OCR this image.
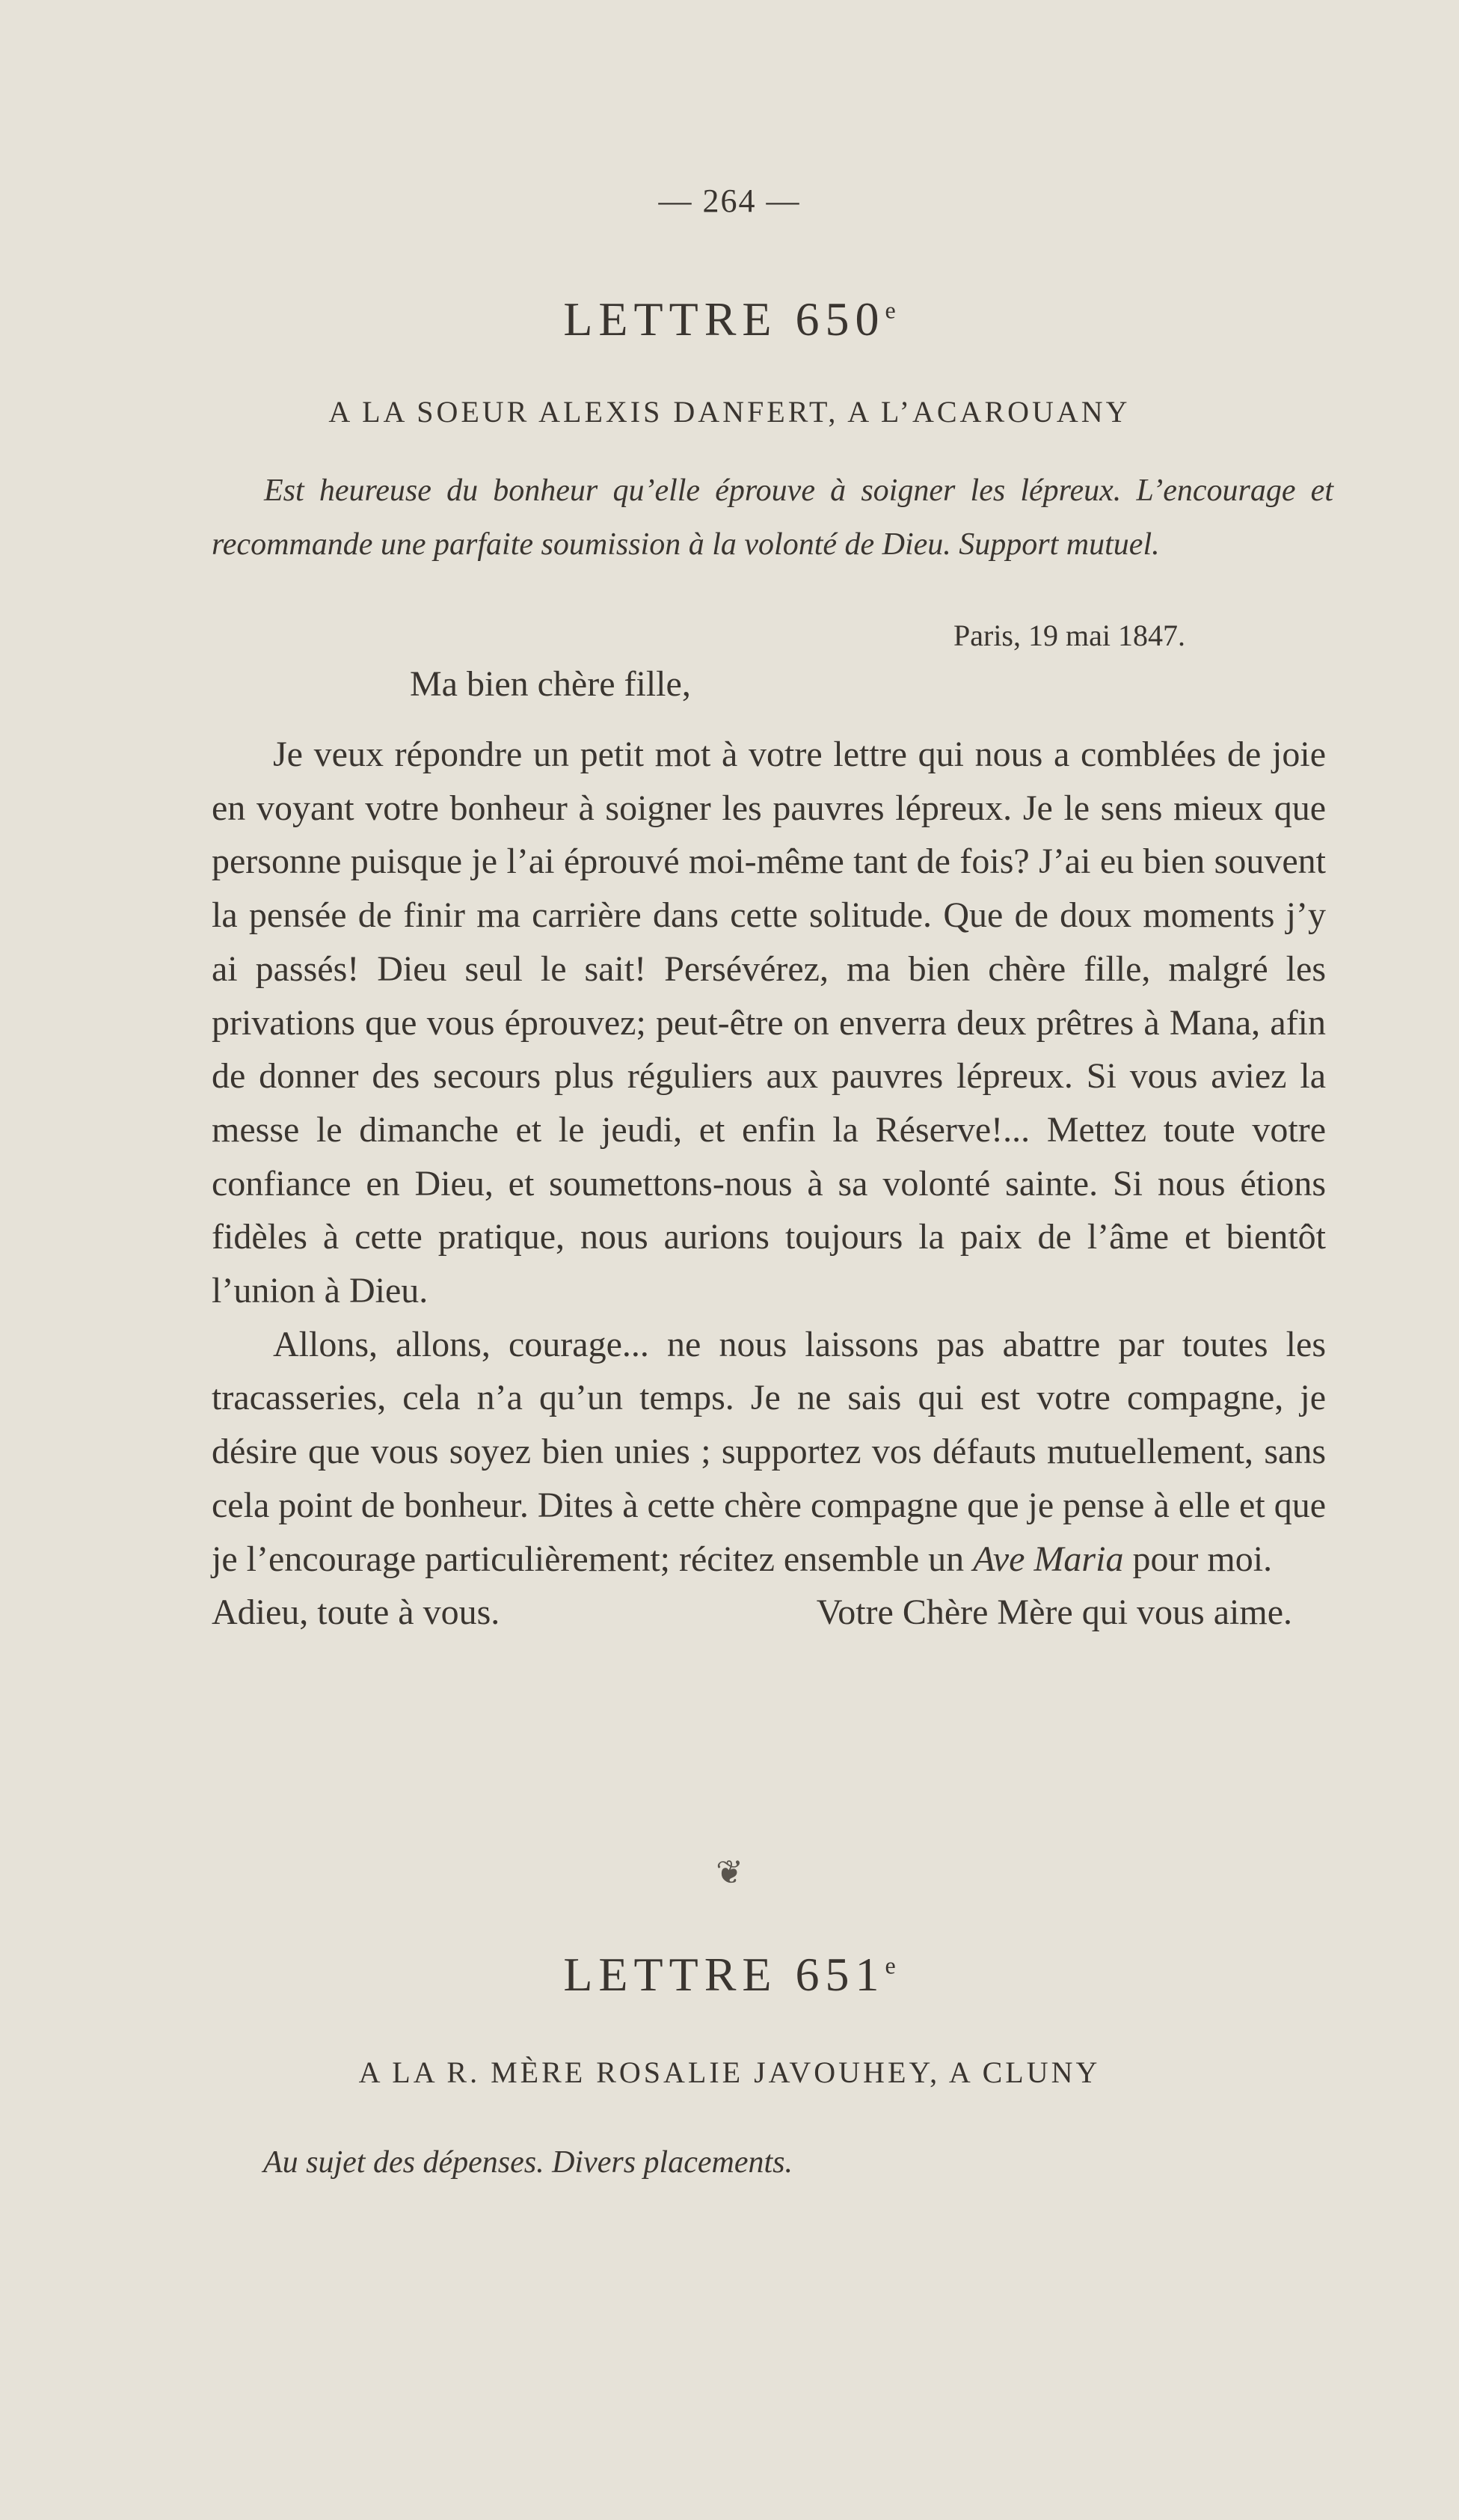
— 264 —
LETTRE 650e
A LA SOEUR ALEXIS DANFERT, A L’ACAROUANY

Est heureuse du bonheur qu’elle éprouve à soigner les lépreux. L’encourage et recommande une parfaite soumission à la volonté de Dieu. Support mutuel.

Paris, 19 mai 1847.
Ma bien chère fille,

Je veux répondre un petit mot à votre lettre qui nous a comblées de joie en voyant votre bonheur à soigner les pauvres lépreux. Je le sens mieux que personne puisque je l’ai éprouvé moi-même tant de fois? J’ai eu bien souvent la pensée de finir ma carrière dans cette solitude. Que de doux moments j’y ai passés! Dieu seul le sait! Persévérez, ma bien chère fille, malgré les privations que vous éprouvez; peut-être on enverra deux prêtres à Mana, afin de donner des secours plus réguliers aux pauvres lépreux. Si vous aviez la messe le dimanche et le jeudi, et enfin la Réserve!... Mettez toute votre confiance en Dieu, et soumettons-nous à sa volonté sainte. Si nous étions fidèles à cette pratique, nous aurions toujours la paix de l’âme et bientôt l’union à Dieu.

Allons, allons, courage... ne nous laissons pas abattre par toutes les tracasseries, cela n’a qu’un temps. Je ne sais qui est votre compagne, je désire que vous soyez bien unies ; supportez vos défauts mutuellement, sans cela point de bonheur. Dites à cette chère compagne que je pense à elle et que je l’encourage particulièrement; récitez ensemble un Ave Maria pour moi.

Adieu, toute à vous.	Votre Chère Mère qui vous aime.
❦
LETTRE 651e
A LA R. MÈRE ROSALIE JAVOUHEY, A CLUNY

Au sujet des dépenses. Divers placements.
